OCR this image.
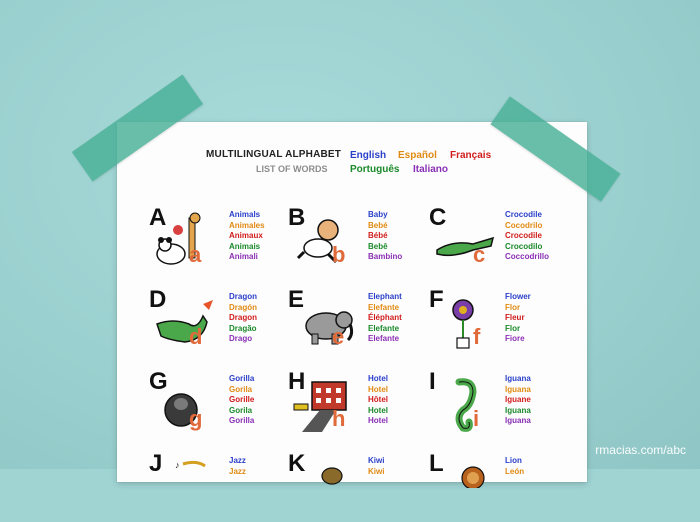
MULTILINGUAL ALPHABET
LIST OF WORDS
English Español Français
Português Italiano
A
a
Animals
Animales
Animaux
Animais
Animali
B
b
Baby
Bebé
Bébé
Bebê
Bambino
C
c
Crocodile
Cocodrilo
Crocodile
Crocodilo
Coccodrillo
D
d
Dragon
Dragón
Dragon
Dragão
Drago
E
e
Elephant
Elefante
Éléphant
Elefante
Elefante
F
f
Flower
Flor
Fleur
Flor
Fiore
G
g
Gorilla
Gorila
Gorille
Gorila
Gorilla
H
h
Hotel
Hotel
Hôtel
Hotel
Hotel
I
i
Iguana
Iguana
Iguane
Iguana
Iguana
J ♪	Jazz
Jazz K	Kiwi
Kiwi L	Lion
León
rmacias.com/abc
